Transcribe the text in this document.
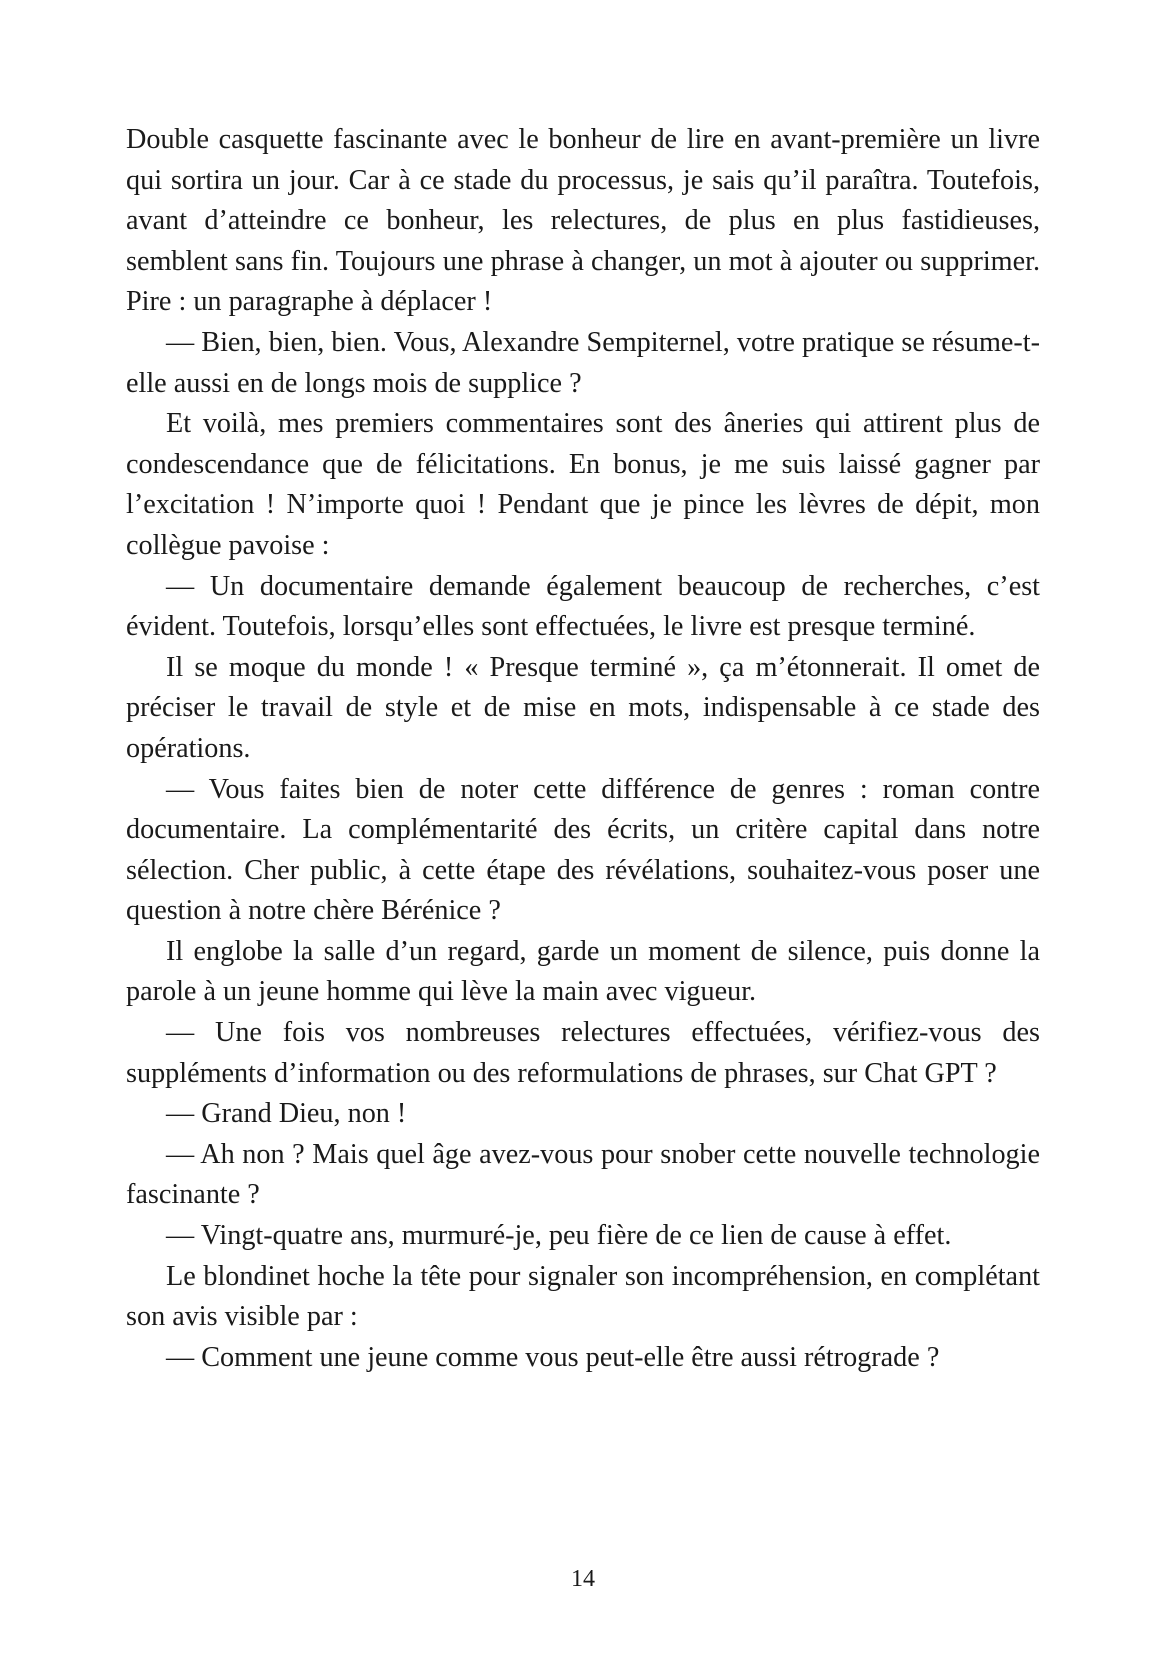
Double casquette fascinante avec le bonheur de lire en avant-première un livre qui sortira un jour. Car à ce stade du processus, je sais qu’il paraîtra. Toutefois, avant d’atteindre ce bonheur, les relectures, de plus en plus fastidieuses, semblent sans fin. Toujours une phrase à changer, un mot à ajouter ou supprimer. Pire : un paragraphe à déplacer !

— Bien, bien, bien. Vous, Alexandre Sempiternel, votre pratique se résume-t-elle aussi en de longs mois de supplice ?

Et voilà, mes premiers commentaires sont des âneries qui attirent plus de condescendance que de félicitations. En bonus, je me suis laissé gagner par l’excitation ! N’importe quoi ! Pendant que je pince les lèvres de dépit, mon collègue pavoise :

— Un documentaire demande également beaucoup de recherches, c’est évident. Toutefois, lorsqu’elles sont effectuées, le livre est presque terminé.

Il se moque du monde ! « Presque terminé », ça m’étonnerait. Il omet de préciser le travail de style et de mise en mots, indispensable à ce stade des opérations.

— Vous faites bien de noter cette différence de genres : roman contre documentaire. La complémentarité des écrits, un critère capital dans notre sélection. Cher public, à cette étape des révélations, souhaitez-vous poser une question à notre chère Bérénice ?

Il englobe la salle d’un regard, garde un moment de silence, puis donne la parole à un jeune homme qui lève la main avec vigueur.

— Une fois vos nombreuses relectures effectuées, vérifiez-vous des suppléments d’information ou des reformulations de phrases, sur Chat GPT ?

— Grand Dieu, non !

— Ah non ? Mais quel âge avez-vous pour snober cette nouvelle technologie fascinante ?

— Vingt-quatre ans, murmuré-je, peu fière de ce lien de cause à effet.

Le blondinet hoche la tête pour signaler son incompréhension, en complétant son avis visible par :

— Comment une jeune comme vous peut-elle être aussi rétrograde ?

14
